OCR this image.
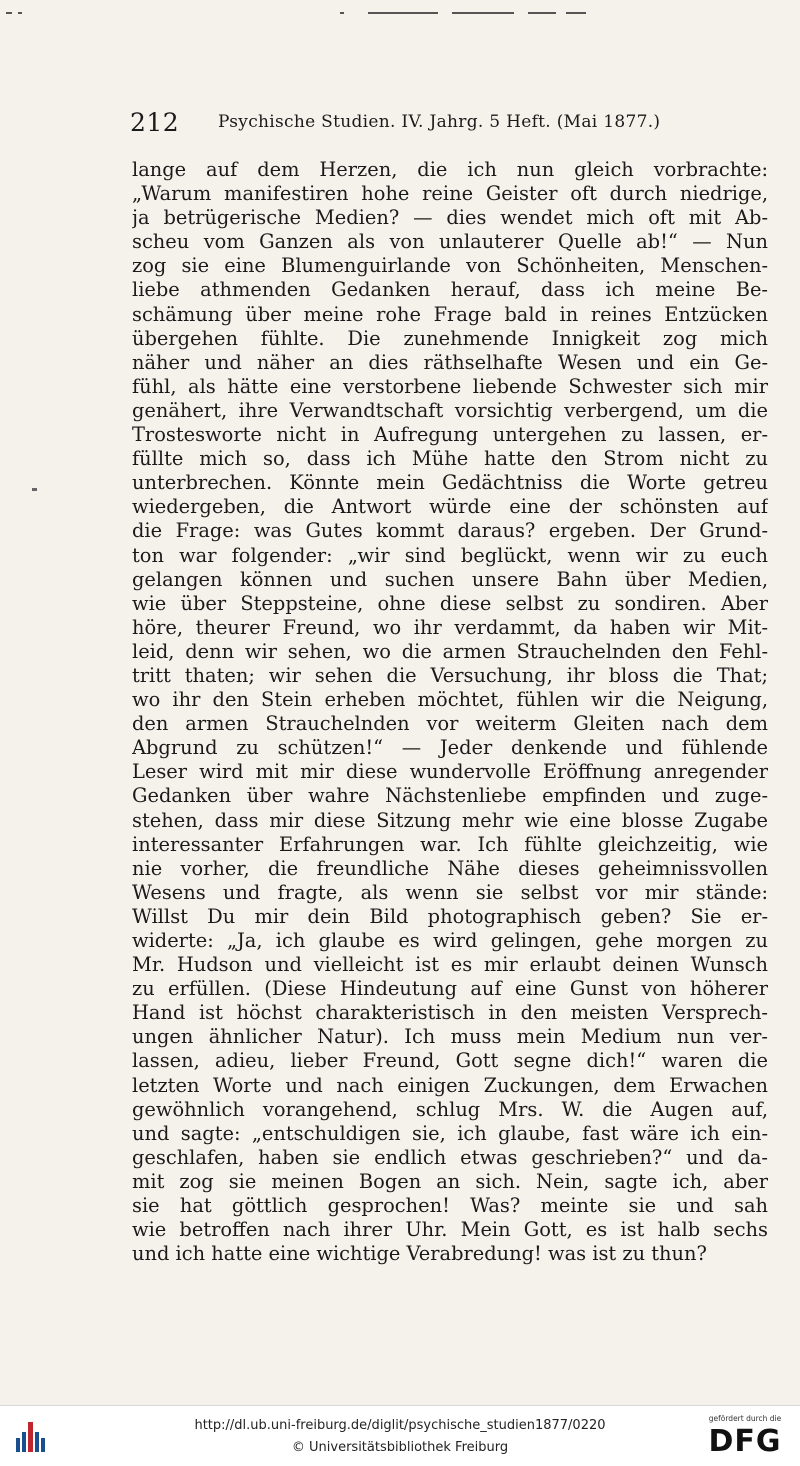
212 Psychische Studien. IV. Jahrg. 5 Heft. (Mai 1877.)
lange auf dem Herzen, die ich nun gleich vorbrachte:
„Warum manifestiren hohe reine Geister oft durch niedrige,
ja betrügerische Medien? — dies wendet mich oft mit Ab-
scheu vom Ganzen als von unlauterer Quelle ab!“ — Nun
zog sie eine Blumenguirlande von Schönheiten, Menschen-
liebe athmenden Gedanken herauf, dass ich meine Be-
schämung über meine rohe Frage bald in reines Entzücken
übergehen fühlte. Die zunehmende Innigkeit zog mich
näher und näher an dies räthselhafte Wesen und ein Ge-
fühl, als hätte eine verstorbene liebende Schwester sich mir
genähert, ihre Verwandtschaft vorsichtig verbergend, um die
Trostesworte nicht in Aufregung untergehen zu lassen, er-
füllte mich so, dass ich Mühe hatte den Strom nicht zu
unterbrechen. Könnte mein Gedächtniss die Worte getreu
wiedergeben, die Antwort würde eine der schönsten auf
die Frage: was Gutes kommt daraus? ergeben. Der Grund-
ton war folgender: „wir sind beglückt, wenn wir zu euch
gelangen können und suchen unsere Bahn über Medien,
wie über Steppsteine, ohne diese selbst zu sondiren. Aber
höre, theurer Freund, wo ihr verdammt, da haben wir Mit-
leid, denn wir sehen, wo die armen Strauchelnden den Fehl-
tritt thaten; wir sehen die Versuchung, ihr bloss die That;
wo ihr den Stein erheben möchtet, fühlen wir die Neigung,
den armen Strauchelnden vor weiterm Gleiten nach dem
Abgrund zu schützen!“ — Jeder denkende und fühlende
Leser wird mit mir diese wundervolle Eröffnung anregender
Gedanken über wahre Nächstenliebe empfinden und zuge-
stehen, dass mir diese Sitzung mehr wie eine blosse Zugabe
interessanter Erfahrungen war. Ich fühlte gleichzeitig, wie
nie vorher, die freundliche Nähe dieses geheimnissvollen
Wesens und fragte, als wenn sie selbst vor mir stände:
Willst Du mir dein Bild photographisch geben? Sie er-
widerte: „Ja, ich glaube es wird gelingen, gehe morgen zu
Mr. Hudson und vielleicht ist es mir erlaubt deinen Wunsch
zu erfüllen. (Diese Hindeutung auf eine Gunst von höherer
Hand ist höchst charakteristisch in den meisten Versprech-
ungen ähnlicher Natur). Ich muss mein Medium nun ver-
lassen, adieu, lieber Freund, Gott segne dich!“ waren die
letzten Worte und nach einigen Zuckungen, dem Erwachen
gewöhnlich vorangehend, schlug Mrs. W. die Augen auf,
und sagte: „entschuldigen sie, ich glaube, fast wäre ich ein-
geschlafen, haben sie endlich etwas geschrieben?“ und da-
mit zog sie meinen Bogen an sich. Nein, sagte ich, aber
sie hat göttlich gesprochen! Was? meinte sie und sah
wie betroffen nach ihrer Uhr. Mein Gott, es ist halb sechs
und ich hatte eine wichtige Verabredung! was ist zu thun?
http://dl.ub.uni-freiburg.de/diglit/psychische_studien1877/0220
© Universitätsbibliothek Freiburg
gefördert durch die
DFG
